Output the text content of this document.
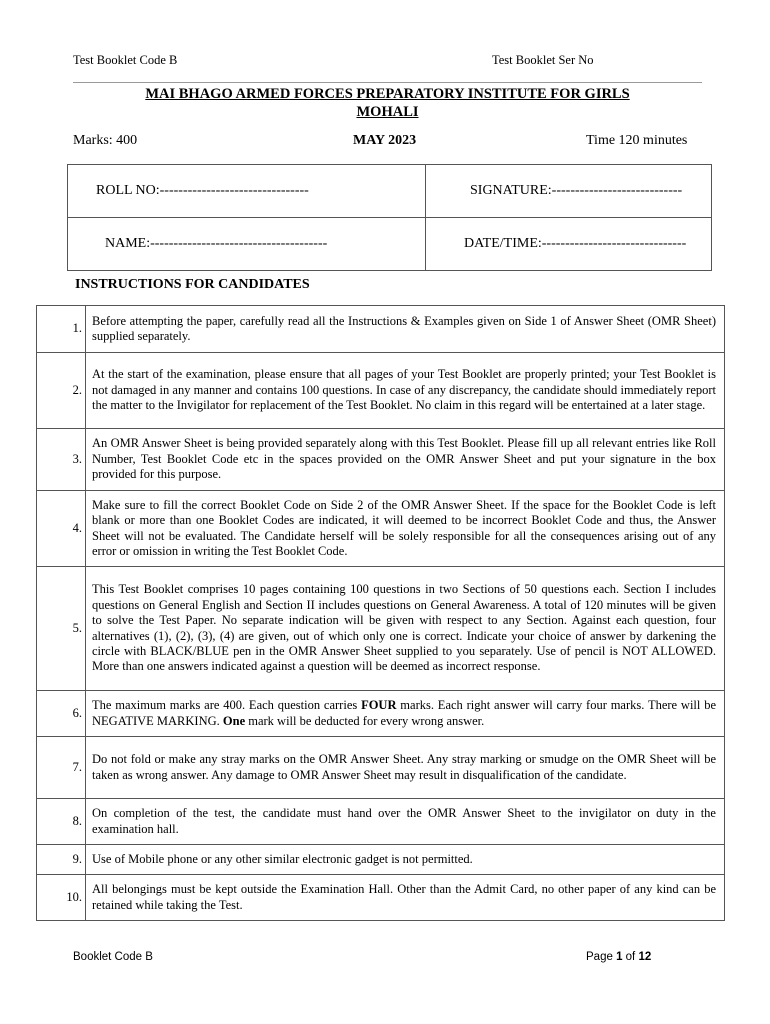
Test Booklet Code B	Test Booklet Ser No
MAI BHAGO ARMED FORCES PREPARATORY INSTITUTE FOR GIRLS
MOHALI
Marks: 400	MAY 2023	Time 120 minutes
ROLL NO:--------------------------------	SIGNATURE:----------------------------
NAME:--------------------------------------	DATE/TIME:-------------------------------
INSTRUCTIONS FOR CANDIDATES
1.	Before attempting the paper, carefully read all the Instructions & Examples given on Side 1 of Answer Sheet (OMR Sheet) supplied separately.
2.	At the start of the examination, please ensure that all pages of your Test Booklet are properly printed; your Test Booklet is not damaged in any manner and contains 100 questions. In case of any discrepancy, the candidate should immediately report the matter to the Invigilator for replacement of the Test Booklet. No claim in this regard will be entertained at a later stage.
3.	An OMR Answer Sheet is being provided separately along with this Test Booklet. Please fill up all relevant entries like Roll Number, Test Booklet Code etc in the spaces provided on the OMR Answer Sheet and put your signature in the box provided for this purpose.
4.	Make sure to fill the correct Booklet Code on Side 2 of the OMR Answer Sheet. If the space for the Booklet Code is left blank or more than one Booklet Codes are indicated, it will deemed to be incorrect Booklet Code and thus, the Answer Sheet will not be evaluated. The Candidate herself will be solely responsible for all the consequences arising out of any error or omission in writing the Test Booklet Code.
5.	This Test Booklet comprises 10 pages containing 100 questions in two Sections of 50 questions each. Section I includes questions on General English and Section II includes questions on General Awareness. A total of 120 minutes will be given to solve the Test Paper. No separate indication will be given with respect to any Section. Against each question, four alternatives (1), (2), (3), (4) are given, out of which only one is correct. Indicate your choice of answer by darkening the circle with BLACK/BLUE pen in the OMR Answer Sheet supplied to you separately. Use of pencil is NOT ALLOWED. More than one answers indicated against a question will be deemed as incorrect response.
6.	The maximum marks are 400. Each question carries FOUR marks. Each right answer will carry four marks. There will be NEGATIVE MARKING. One mark will be deducted for every wrong answer.
7.	Do not fold or make any stray marks on the OMR Answer Sheet. Any stray marking or smudge on the OMR Sheet will be taken as wrong answer. Any damage to OMR Answer Sheet may result in disqualification of the candidate.
8.	On completion of the test, the candidate must hand over the OMR Answer Sheet to the invigilator on duty in the examination hall.
9.	Use of Mobile phone or any other similar electronic gadget is not permitted.
10.	All belongings must be kept outside the Examination Hall. Other than the Admit Card, no other paper of any kind can be retained while taking the Test.
Booklet Code B	Page 1 of 12
